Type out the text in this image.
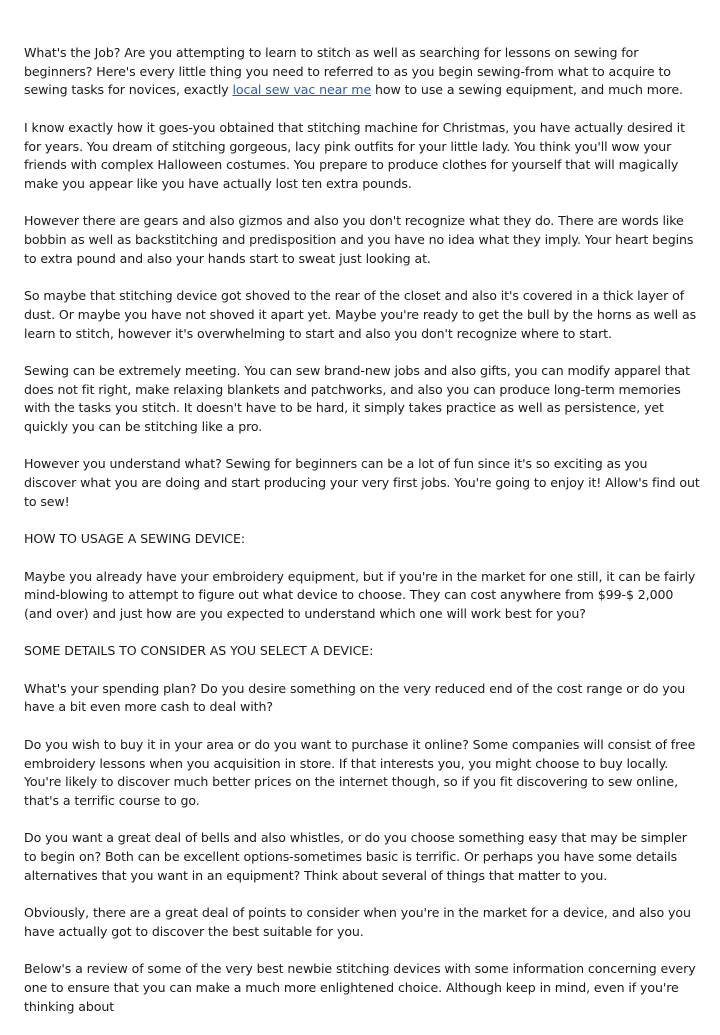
What's the Job? Are you attempting to learn to stitch as well as searching for lessons on sewing for beginners? Here's every little thing you need to referred to as you begin sewing-from what to acquire to sewing tasks for novices, exactly local sew vac near me how to use a sewing equipment, and much more.

I know exactly how it goes-you obtained that stitching machine for Christmas, you have actually desired it for years. You dream of stitching gorgeous, lacy pink outfits for your little lady. You think you'll wow your friends with complex Halloween costumes. You prepare to produce clothes for yourself that will magically make you appear like you have actually lost ten extra pounds.

However there are gears and also gizmos and also you don't recognize what they do. There are words like bobbin as well as backstitching and predisposition and you have no idea what they imply. Your heart begins to extra pound and also your hands start to sweat just looking at.

So maybe that stitching device got shoved to the rear of the closet and also it's covered in a thick layer of dust. Or maybe you have not shoved it apart yet. Maybe you're ready to get the bull by the horns as well as learn to stitch, however it's overwhelming to start and also you don't recognize where to start.

Sewing can be extremely meeting. You can sew brand-new jobs and also gifts, you can modify apparel that does not fit right, make relaxing blankets and patchworks, and also you can produce long-term memories with the tasks you stitch. It doesn't have to be hard, it simply takes practice as well as persistence, yet quickly you can be stitching like a pro.

However you understand what? Sewing for beginners can be a lot of fun since it's so exciting as you discover what you are doing and start producing your very first jobs. You're going to enjoy it! Allow's find out to sew!

HOW TO USAGE A SEWING DEVICE:

Maybe you already have your embroidery equipment, but if you're in the market for one still, it can be fairly mind-blowing to attempt to figure out what device to choose. They can cost anywhere from $99-$ 2,000 (and over) and just how are you expected to understand which one will work best for you?

SOME DETAILS TO CONSIDER AS YOU SELECT A DEVICE:

What's your spending plan? Do you desire something on the very reduced end of the cost range or do you have a bit even more cash to deal with?

Do you wish to buy it in your area or do you want to purchase it online? Some companies will consist of free embroidery lessons when you acquisition in store. If that interests you, you might choose to buy locally. You're likely to discover much better prices on the internet though, so if you fit discovering to sew online, that's a terrific course to go.

Do you want a great deal of bells and also whistles, or do you choose something easy that may be simpler to begin on? Both can be excellent options-sometimes basic is terrific. Or perhaps you have some details alternatives that you want in an equipment? Think about several of things that matter to you.

Obviously, there are a great deal of points to consider when you're in the market for a device, and also you have actually got to discover the best suitable for you.

Below's a review of some of the very best newbie stitching devices with some information concerning every one to ensure that you can make a much more enlightened choice. Although keep in mind, even if you're thinking about
